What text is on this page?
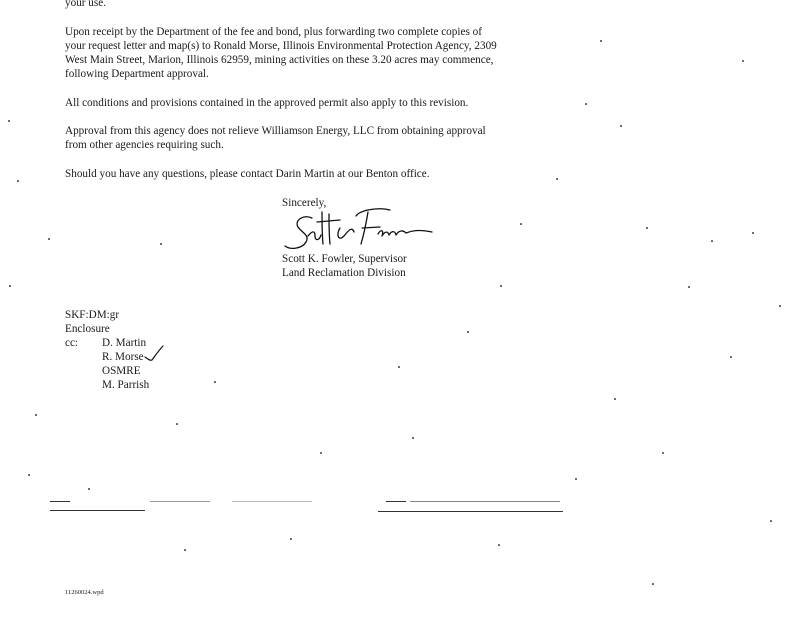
your use.
Upon receipt by the Department of the fee and bond, plus forwarding two complete copies of
your request letter and map(s) to Ronald Morse, Illinois Environmental Protection Agency, 2309
West Main Street, Marion, Illinois 62959, mining activities on these 3.20 acres may commence,
following Department approval.
All conditions and provisions contained in the approved permit also apply to this revision.
Approval from this agency does not relieve Williamson Energy, LLC from obtaining approval
from other agencies requiring such.
Should you have any questions, please contact Darin Martin at our Benton office.
Sincerely,
Scott K. Fowler, Supervisor
Land Reclamation Division
SKF:DM:gr
Enclosure
cc: D. Martin
R. Morse
OSMRE
M. Parrish
11260024.wpd
